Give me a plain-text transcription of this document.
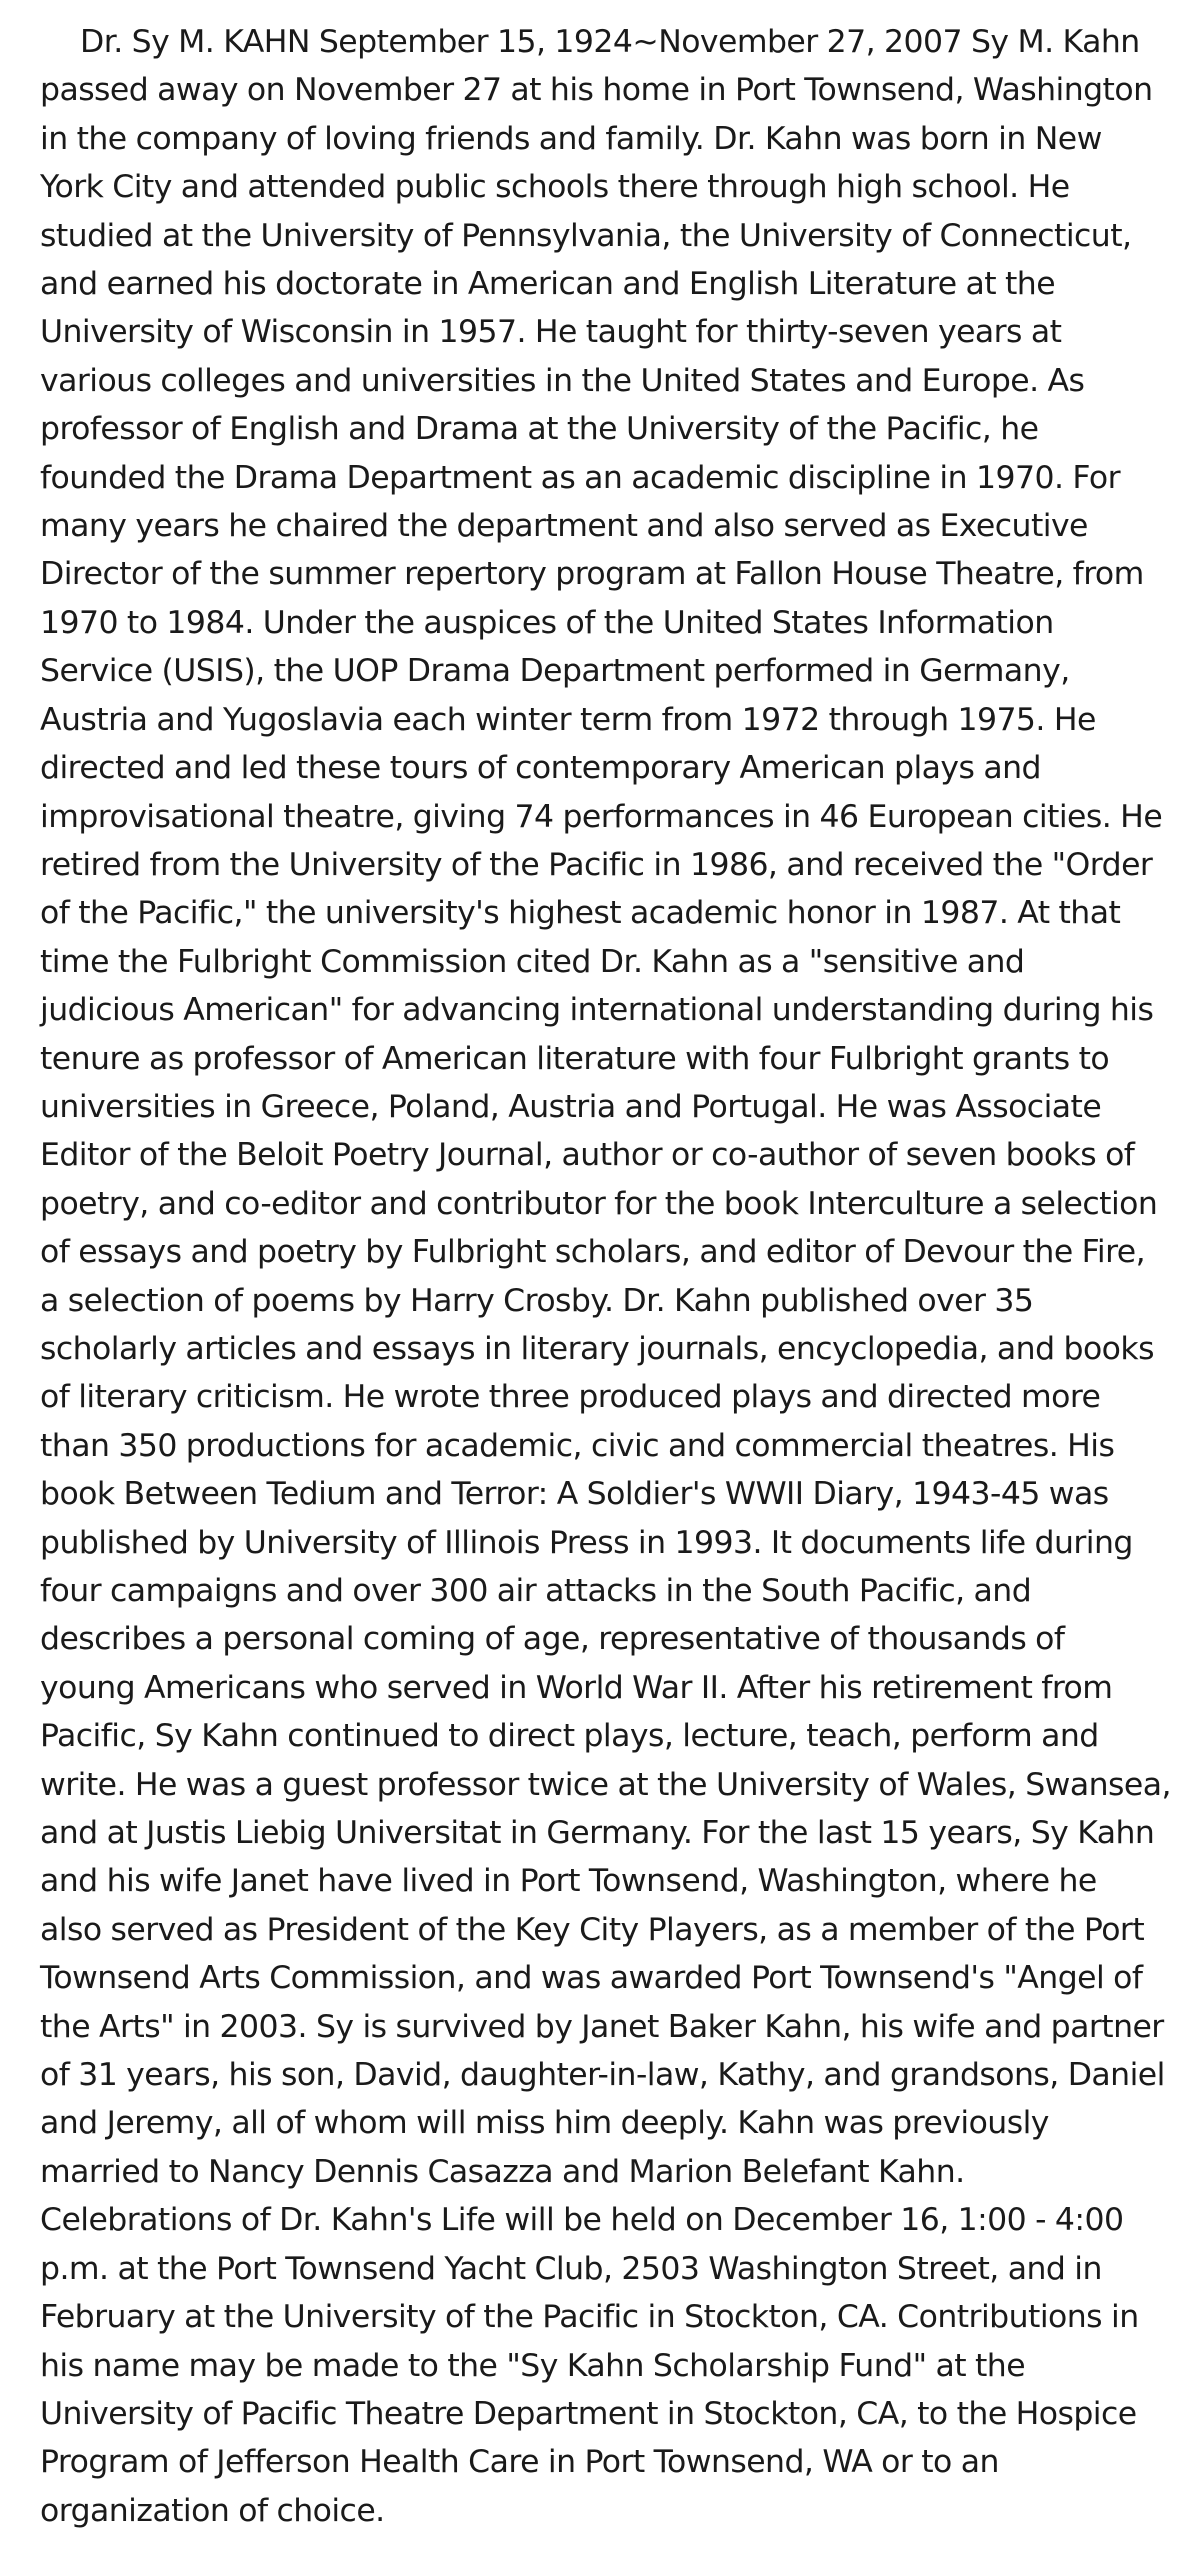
Dr. Sy M. KAHN September 15, 1924~November 27, 2007 Sy M. Kahn
passed away on November 27 at his home in Port Townsend, Washington
in the company of loving friends and family. Dr. Kahn was born in New
York City and attended public schools there through high school. He
studied at the University of Pennsylvania, the University of Connecticut,
and earned his doctorate in American and English Literature at the
University of Wisconsin in 1957. He taught for thirty-seven years at
various colleges and universities in the United States and Europe. As
professor of English and Drama at the University of the Pacific, he
founded the Drama Department as an academic discipline in 1970. For
many years he chaired the department and also served as Executive
Director of the summer repertory program at Fallon House Theatre, from
1970 to 1984. Under the auspices of the United States Information
Service (USIS), the UOP Drama Department performed in Germany,
Austria and Yugoslavia each winter term from 1972 through 1975. He
directed and led these tours of contemporary American plays and
improvisational theatre, giving 74 performances in 46 European cities. He
retired from the University of the Pacific in 1986, and received the "Order
of the Pacific," the university's highest academic honor in 1987. At that
time the Fulbright Commission cited Dr. Kahn as a "sensitive and
judicious American" for advancing international understanding during his
tenure as professor of American literature with four Fulbright grants to
universities in Greece, Poland, Austria and Portugal. He was Associate
Editor of the Beloit Poetry Journal, author or co-author of seven books of
poetry, and co-editor and contributor for the book Interculture a selection
of essays and poetry by Fulbright scholars, and editor of Devour the Fire,
a selection of poems by Harry Crosby. Dr. Kahn published over 35
scholarly articles and essays in literary journals, encyclopedia, and books
of literary criticism. He wrote three produced plays and directed more
than 350 productions for academic, civic and commercial theatres. His
book Between Tedium and Terror: A Soldier's WWII Diary, 1943-45 was
published by University of Illinois Press in 1993. It documents life during
four campaigns and over 300 air attacks in the South Pacific, and
describes a personal coming of age, representative of thousands of
young Americans who served in World War II. After his retirement from
Pacific, Sy Kahn continued to direct plays, lecture, teach, perform and
write. He was a guest professor twice at the University of Wales, Swansea,
and at Justis Liebig Universitat in Germany. For the last 15 years, Sy Kahn
and his wife Janet have lived in Port Townsend, Washington, where he
also served as President of the Key City Players, as a member of the Port
Townsend Arts Commission, and was awarded Port Townsend's "Angel of
the Arts" in 2003. Sy is survived by Janet Baker Kahn, his wife and partner
of 31 years, his son, David, daughter-in-law, Kathy, and grandsons, Daniel
and Jeremy, all of whom will miss him deeply. Kahn was previously
married to Nancy Dennis Casazza and Marion Belefant Kahn.
Celebrations of Dr. Kahn's Life will be held on December 16, 1:00 - 4:00
p.m. at the Port Townsend Yacht Club, 2503 Washington Street, and in
February at the University of the Pacific in Stockton, CA. Contributions in
his name may be made to the "Sy Kahn Scholarship Fund" at the
University of Pacific Theatre Department in Stockton, CA, to the Hospice
Program of Jefferson Health Care in Port Townsend, WA or to an
organization of choice.
